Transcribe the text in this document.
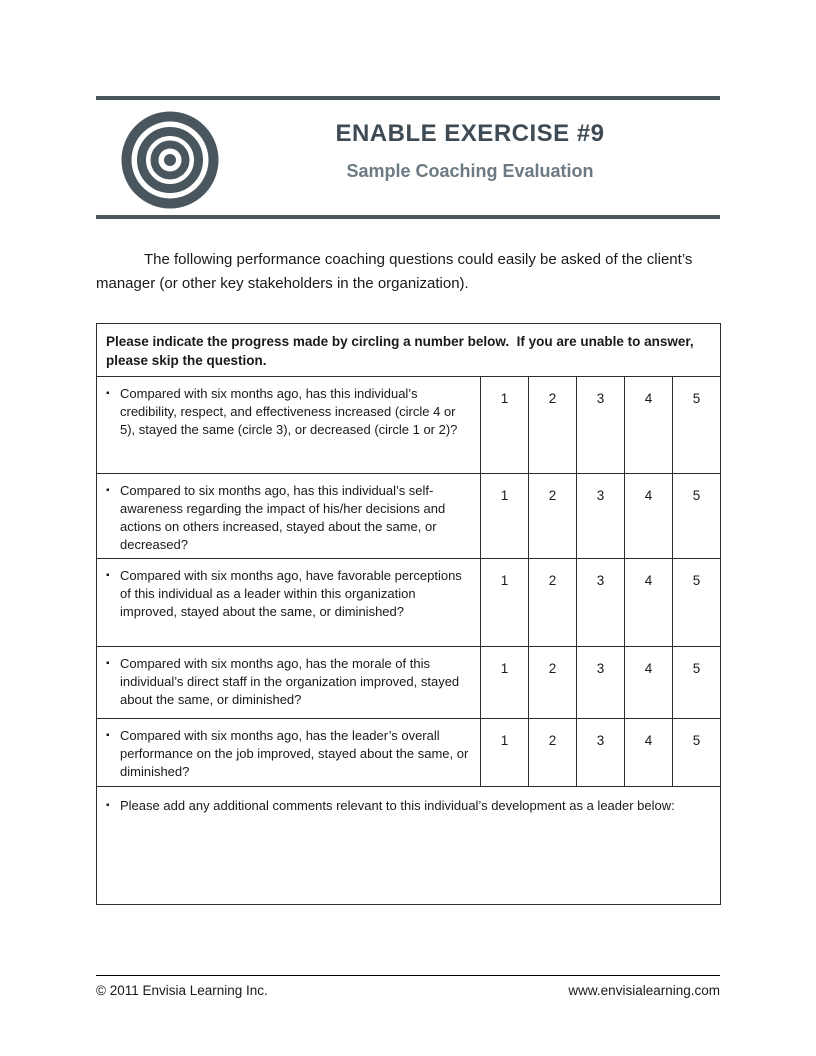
ENABLE EXERCISE #9
Sample Coaching Evaluation

The following performance coaching questions could easily be asked of the client’s manager (or other key stakeholders in the organization).

Please indicate the progress made by circling a number below.  If you are unable to answer, please skip the question.					

▪ Compared with six months ago, has this individual’s credibility, respect, and effectiveness increased (circle 4 or 5), stayed the same (circle 3), or decreased (circle 1 or 2)?	1	2	3	4	5

▪ Compared to six months ago, has this individual’s self-awareness regarding the impact of his/her decisions and actions on others increased, stayed about the same, or decreased?	1	2	3	4	5

▪ Compared with six months ago, have favorable perceptions of this individual as a leader within this organization improved, stayed about the same, or diminished?	1	2	3	4	5

▪ Compared with six months ago, has the morale of this individual’s direct staff in the organization improved, stayed about the same, or diminished?	1	2	3	4	5

▪ Compared with six months ago, has the leader’s overall performance on the job improved, stayed about the same, or diminished?	1	2	3	4	5

▪ Please add any additional comments relevant to this individual’s development as a leader below:					
© 2011 Envisia Learning Inc.	www.envisialearning.com
